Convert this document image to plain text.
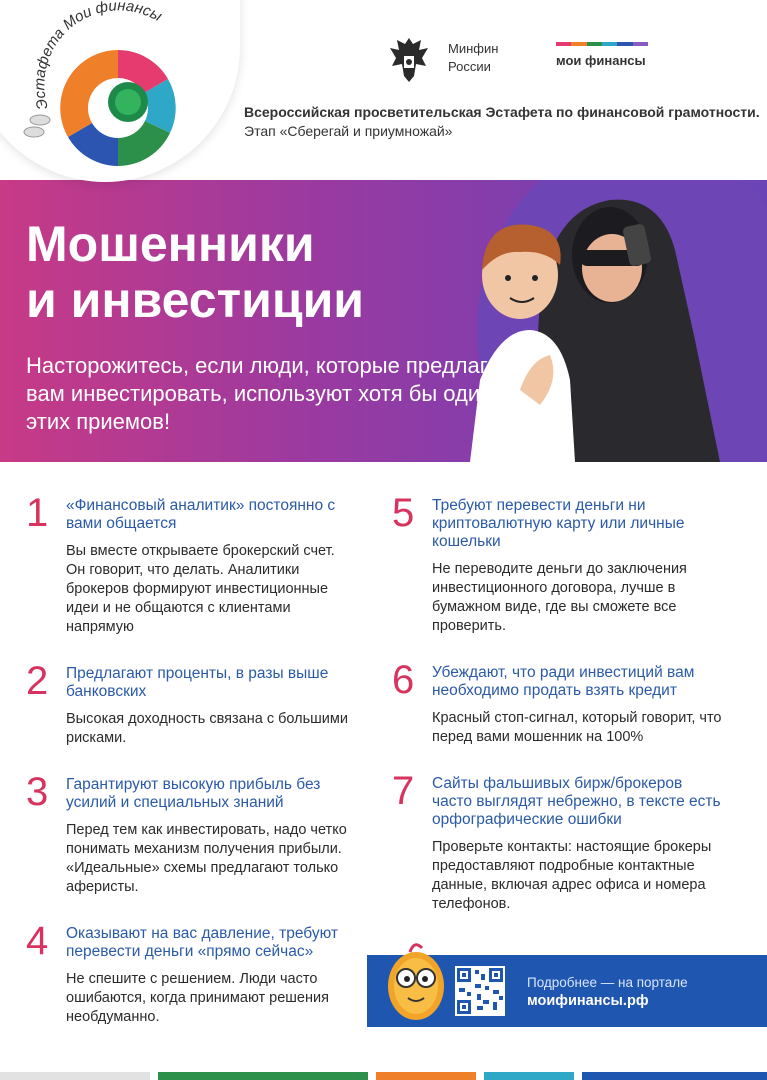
Эстафета Мои финансы
Минфин
России	мои финансы
Всероссийская просветительская Эстафета по финансовой грамотности. Этап «Сберегай и приумножай»
Мошенники
и инвестиции
Насторожитесь, если люди, которые предлагают вам инвестировать, используют хотя бы один из этих приемов!
1 «Финансовый аналитик» постоянно с вами общается
Вы вместе открываете брокерский счет. Он говорит, что делать. Аналитики брокеров формируют инвестиционные идеи и не общаются с клиентами напрямую
2 Предлагают проценты, в разы выше банковских
Высокая доходность связана с большими рисками.
3 Гарантируют высокую прибыль без усилий и специальных знаний
Перед тем как инвестировать, надо четко понимать механизм получения прибыли. «Идеальные» схемы предлагают только аферисты.
4 Оказывают на вас давление, требуют перевести деньги «прямо сейчас»
Не спешите с решением. Люди часто ошибаются, когда принимают решения необдуманно.
5 Требуют перевести деньги ни криптовалютную карту или личные кошельки
Не переводите деньги до заключения инвестиционного договора, лучше в бумажном виде, где вы сможете все проверить.
6 Убеждают, что ради инвестиций вам необходимо продать взять кредит
Красный стоп-сигнал, который говорит, что перед вами мошенник на 100%
7 Сайты фальшивых бирж/брокеров часто выглядят небрежно, в тексте есть орфографические ошибки
Проверьте контакты: настоящие брокеры предоставляют подробные контактные данные, включая адрес офиса и номера телефонов.
Подробнее — на портале
моифинансы.рф
